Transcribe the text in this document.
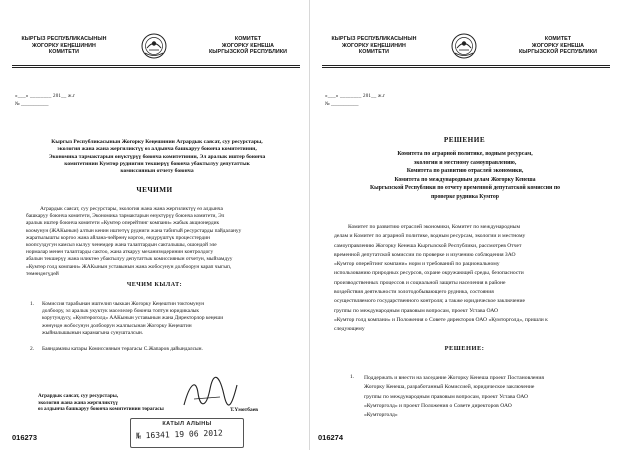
КЫРГЫЗ РЕСПУБЛИКАСЫНЫН
ЖОГОРКУ КЕҢЕШИНИН
КОМИТЕТИ
КОМИТЕТ
ЖОГОРКУ КЕНЕША
КЫРГЫЗСКОЙ РЕСПУБЛИКИ
«___» ________ 201__ ж.г
№ ___________
Кыргыз Республикасынын Жогорку Кеңешинин Агрардык саясат, суу ресурстары,
экология жана жана жергиликтүү өз алдынча башкаруу боюнча комитетинин,
Экономика тармактарын өнүктүрүү боюнча комитетинин, Эл аралык иштер боюнча
комитетинин Кумтөр руднигин текшерүү боюнча убактылуу депутаттык
комиссиянын отчету боюнча
ЧЕЧИМИ
Агрардык саясат, суу ресурстары, экология жана жана жергиликтүү өз алдынча
башкаруу боюнча комитети, Экономика тармактарын өнүктүрүү боюнча комитети, Эл
аралык иштер боюнча комитети «Кумтөр оперейтинг компани» жабык акционердик
коомунун (ЖАКынын) алтын кенин иштетүү рудниги жана табигый ресурстарды пайдалануу
жаратылышты коргоо жана айлана-чөйрөнү коргоо, өндүрүштүк процесстердин
коопсуздугун камсыз кылуу ченемдер жана талаптардын сакталышы, ошондой эле
нормалар менен талаптарды сактоо, жана аткаруу механизмдеринин контролдогу
абалын текшерүү жана иликтөө убактылуу депутаттык комиссиянын отчетун, мыйзамдуу
«Кумтөр голд компани» ЖАКынын уставынын жана жобосунун долбоорун карап чыгып,
төмөндөгүдөй
ЧЕЧИМ КЫЛАТ:
1. Комиссия тарабынан иштелип чыккан Жогорку Кеңештин токтомунун
долбоору, эл аралык укуктук маселелер боюнча топтун юридикалык
корутундусу, «Кумтөроголд» ААКынын уставынын жана Директорлор кеңеши
жөнүндө жобосунун долбоорун жалпысынан Жогорку Кеңештин
жыйналышынын карамагына сунушталсын.
2. Баяндамачы катары Комиссиянын төрагасы С.Жапаров дайындалсын.
Агрардык саясат, суу ресурстары,
экология жана жана жергиликтүү
өз алдынча башкаруу боюнча комитетинин төрагасы	Т.Үмөтбаев
КАТЫЛ АЛЫНЫ
№ 16341 19 06 2012
016273
КЫРГЫЗ РЕСПУБЛИКАСЫНЫН
ЖОГОРКУ КЕҢЕШИНИН
КОМИТЕТИ
КОМИТЕТ
ЖОГОРКУ КЕНЕША
КЫРГЫЗСКОЙ РЕСПУБЛИКИ
«___» ________ 201__ ж.г
№ ___________
РЕШЕНИЕ
Комитета по аграрной политике, водным ресурсам,
экологии и местному самоуправлению,
Комитета по развитию отраслей экономики,
Комитета по международным делам Жогорку Кенеша
Кыргызской Республики по отчету временной депутатской комиссии по
проверке рудника Кумтор
Комитет по развитию отраслей экономики, Комитет по международным
делам и Комитет по аграрной политике, водным ресурсам, экологии и местному
самоуправлению Жогорку Кенеша Кыргызской Республики, рассмотрев Отчет
временной депутатской комиссии по проверке и изучению соблюдения ЗАО
«Кумтор оперейтинг компани» норм и требований по рациональному
использованию природных ресурсов, охране окружающей среды, безопасности
производственных процессов и социальной защиты населения в районе
воздействия деятельности золотодобывающего рудника, состояния
осуществляемого государственного контроля; а также юридическое заключение
группы по международным правовым вопросам, проект Устава ОАО
«Кумтор голд компани» и Положения о Совете директоров ОАО «Кумторголд», пришли к
следующему
РЕШЕНИЕ:
1. Поддержать и внести на заседание Жогорку Кенеша проект Постановления
Жогорку Кенеша, разработанный Комиссией, юридическое заключение
группы по международным правовым вопросам, проект Устава ОАО
«Кумторголд» и проект Положения о Совете директоров ОАО
«Кумторголд»
016274
